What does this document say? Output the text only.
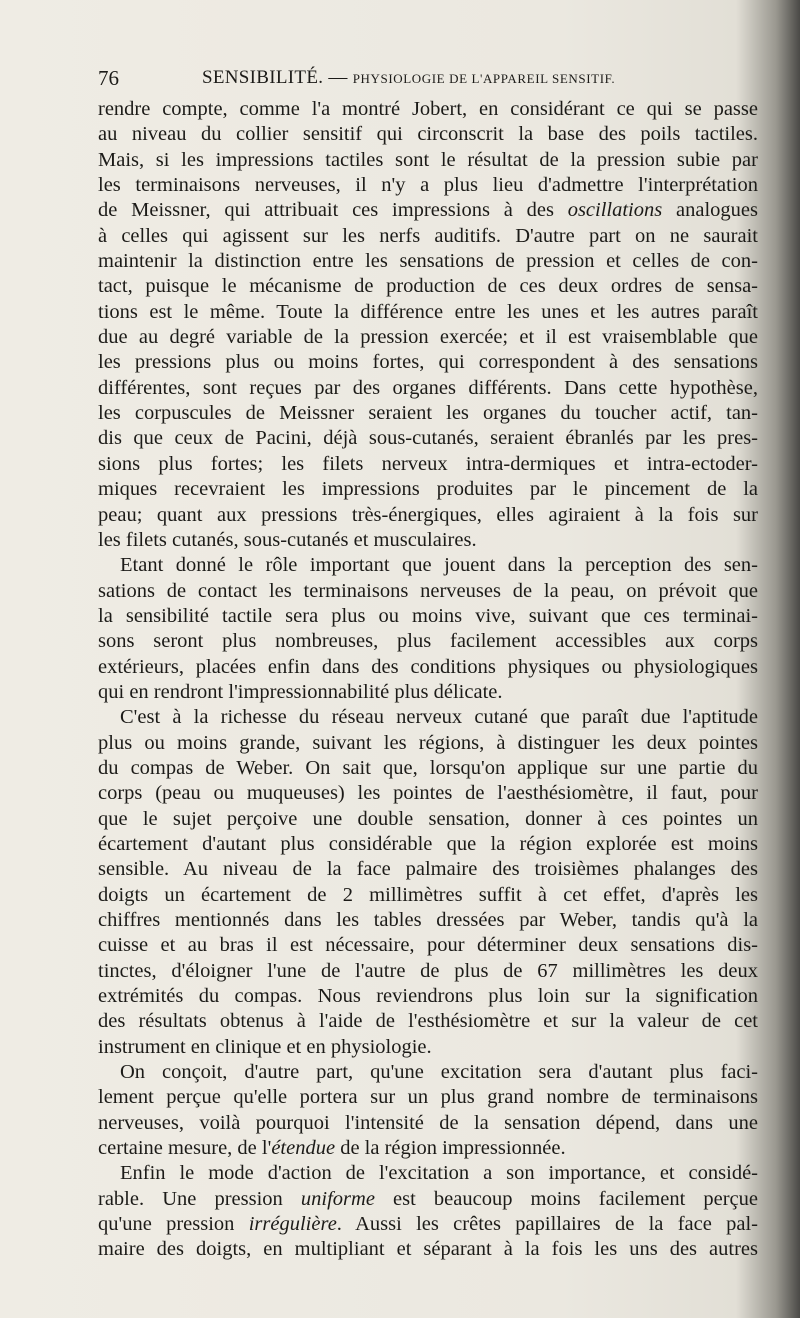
76	SENSIBILITÉ. — PHYSIOLOGIE DE L'APPAREIL SENSITIF.
rendre compte, comme l'a montré Jobert, en considérant ce qui se passe
au niveau du collier sensitif qui circonscrit la base des poils tactiles.
Mais, si les impressions tactiles sont le résultat de la pression subie par
les terminaisons nerveuses, il n'y a plus lieu d'admettre l'interprétation
de Meissner, qui attribuait ces impressions à des oscillations analogues
à celles qui agissent sur les nerfs auditifs. D'autre part on ne saurait
maintenir la distinction entre les sensations de pression et celles de con-
tact, puisque le mécanisme de production de ces deux ordres de sensa-
tions est le même. Toute la différence entre les unes et les autres paraît
due au degré variable de la pression exercée; et il est vraisemblable que
les pressions plus ou moins fortes, qui correspondent à des sensations
différentes, sont reçues par des organes différents. Dans cette hypothèse,
les corpuscules de Meissner seraient les organes du toucher actif, tan-
dis que ceux de Pacini, déjà sous-cutanés, seraient ébranlés par les pres-
sions plus fortes; les filets nerveux intra-dermiques et intra-ectoder-
miques recevraient les impressions produites par le pincement de la
peau; quant aux pressions très-énergiques, elles agiraient à la fois sur
les filets cutanés, sous-cutanés et musculaires.
Etant donné le rôle important que jouent dans la perception des sen-
sations de contact les terminaisons nerveuses de la peau, on prévoit que
la sensibilité tactile sera plus ou moins vive, suivant que ces terminai-
sons seront plus nombreuses, plus facilement accessibles aux corps
extérieurs, placées enfin dans des conditions physiques ou physiologiques
qui en rendront l'impressionnabilité plus délicate.
C'est à la richesse du réseau nerveux cutané que paraît due l'aptitude
plus ou moins grande, suivant les régions, à distinguer les deux pointes
du compas de Weber. On sait que, lorsqu'on applique sur une partie du
corps (peau ou muqueuses) les pointes de l'aesthésiomètre, il faut, pour
que le sujet perçoive une double sensation, donner à ces pointes un
écartement d'autant plus considérable que la région explorée est moins
sensible. Au niveau de la face palmaire des troisièmes phalanges des
doigts un écartement de 2 millimètres suffit à cet effet, d'après les
chiffres mentionnés dans les tables dressées par Weber, tandis qu'à la
cuisse et au bras il est nécessaire, pour déterminer deux sensations dis-
tinctes, d'éloigner l'une de l'autre de plus de 67 millimètres les deux
extrémités du compas. Nous reviendrons plus loin sur la signification
des résultats obtenus à l'aide de l'esthésiomètre et sur la valeur de cet
instrument en clinique et en physiologie.
On conçoit, d'autre part, qu'une excitation sera d'autant plus faci-
lement perçue qu'elle portera sur un plus grand nombre de terminaisons
nerveuses, voilà pourquoi l'intensité de la sensation dépend, dans une
certaine mesure, de l'étendue de la région impressionnée.
Enfin le mode d'action de l'excitation a son importance, et considé-
rable. Une pression uniforme est beaucoup moins facilement perçue
qu'une pression irrégulière. Aussi les crêtes papillaires de la face pal-
maire des doigts, en multipliant et séparant à la fois les uns des autres
